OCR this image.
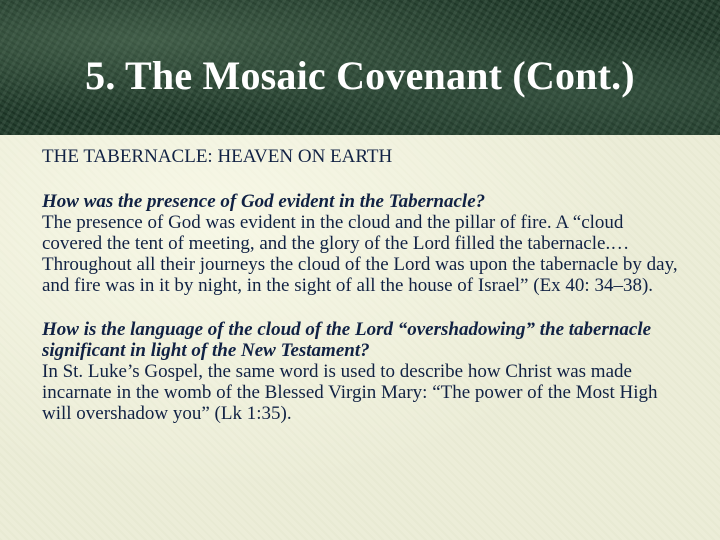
5. The Mosaic Covenant (Cont.)

THE TABERNACLE: HEAVEN ON EARTH

How was the presence of God evident in the Tabernacle?

The presence of God was evident in the cloud and the pillar of fire. A “cloud covered the tent of meeting, and the glory of the Lord filled the tabernacle.… Throughout all their journeys the cloud of the Lord was upon the tabernacle by day, and fire was in it by night, in the sight of all the house of Israel” (Ex 40: 34–38).

How is the language of the cloud of the Lord “overshadowing” the tabernacle significant in light of the New Testament?

In St. Luke’s Gospel, the same word is used to describe how Christ was made incarnate in the womb of the Blessed Virgin Mary: “The power of the Most High will overshadow you” (Lk 1:35).
